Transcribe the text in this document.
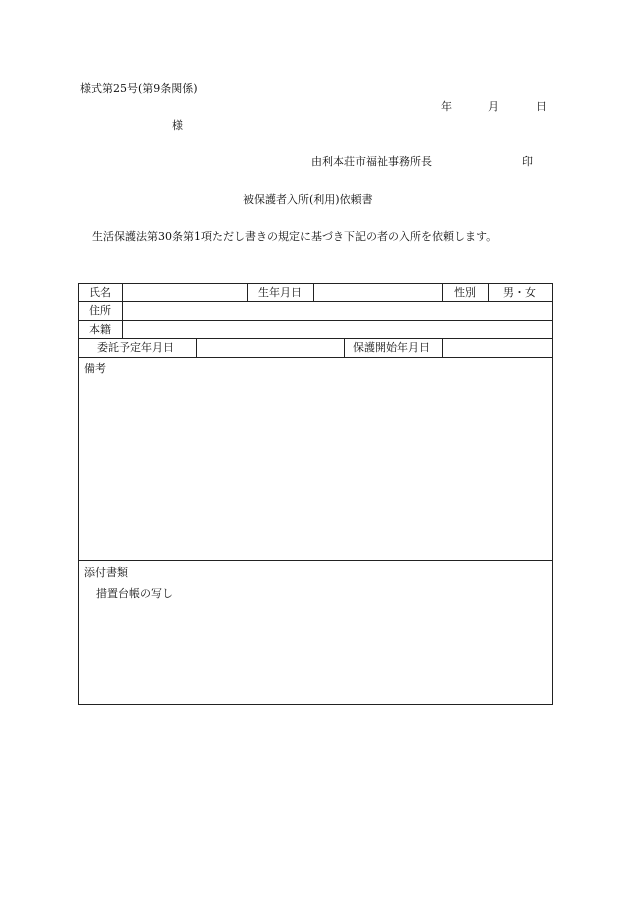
様式第25号(第9条関係)
年	月	日
様
由利本荘市福祉事務所長	印
被保護者入所(利用)依頼書
生活保護法第30条第1項ただし書きの規定に基づき下記の者の入所を依頼します。
氏名	生年月日	性別 男・女
住所
本籍
委託予定年月日	保護開始年月日
備考
添付書類
措置台帳の写し
